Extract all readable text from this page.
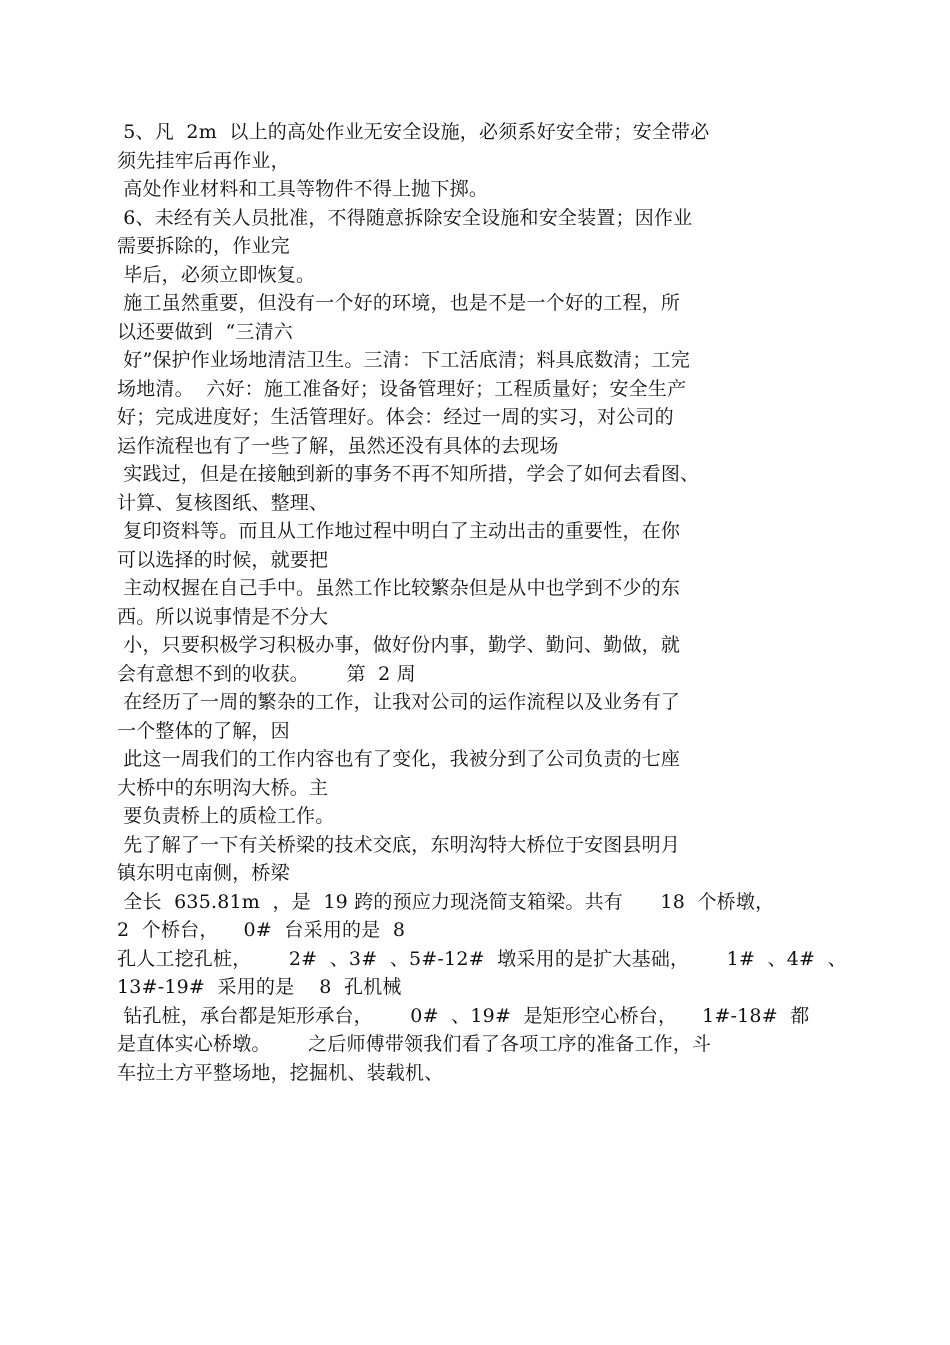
5、凡  2m  以上的高处作业无安全设施，必须系好安全带；安全带必
须先挂牢后再作业，
高处作业材料和工具等物件不得上抛下掷。
6、未经有关人员批准，不得随意拆除安全设施和安全装置；因作业
需要拆除的，作业完
毕后，必须立即恢复。
施工虽然重要，但没有一个好的环境，也是不是一个好的工程，所
以还要做到  “三清六
好”保护作业场地清洁卫生。三清：下工活底清；料具底数清；工完
场地清。  六好：施工准备好；设备管理好；工程质量好；安全生产
好；完成进度好；生活管理好。体会：经过一周的实习，对公司的
运作流程也有了一些了解，虽然还没有具体的去现场
实践过，但是在接触到新的事务不再不知所措，学会了如何去看图、
计算、复核图纸、整理、
复印资料等。而且从工作地过程中明白了主动出击的重要性，在你
可以选择的时候，就要把
主动权握在自己手中。虽然工作比较繁杂但是从中也学到不少的东
西。所以说事情是不分大
小，只要积极学习积极办事，做好份内事，勤学、勤问、勤做，就
会有意想不到的收获。      第  2 周
在经历了一周的繁杂的工作，让我对公司的运作流程以及业务有了
一个整体的了解，因
此这一周我们的工作内容也有了变化，我被分到了公司负责的七座
大桥中的东明沟大桥。主
要负责桥上的质检工作。
先了解了一下有关桥梁的技术交底，东明沟特大桥位于安图县明月
镇东明屯南侧，桥梁
全长  635.81m  ，是  19 跨的预应力现浇简支箱梁。共有      18  个桥墩，
2  个桥台，    0#  台采用的是  8
孔人工挖孔桩，      2#  、3#  、5#-12#  墩采用的是扩大基础，      1#  、4#  、
13#-19#  采用的是    8  孔机械
钻孔桩，承台都是矩形承台，      0#  、19#  是矩形空心桥台，    1#-18#  都
是直体实心桥墩。      之后师傅带领我们看了各项工序的准备工作，斗
车拉土方平整场地，挖掘机、装载机、
